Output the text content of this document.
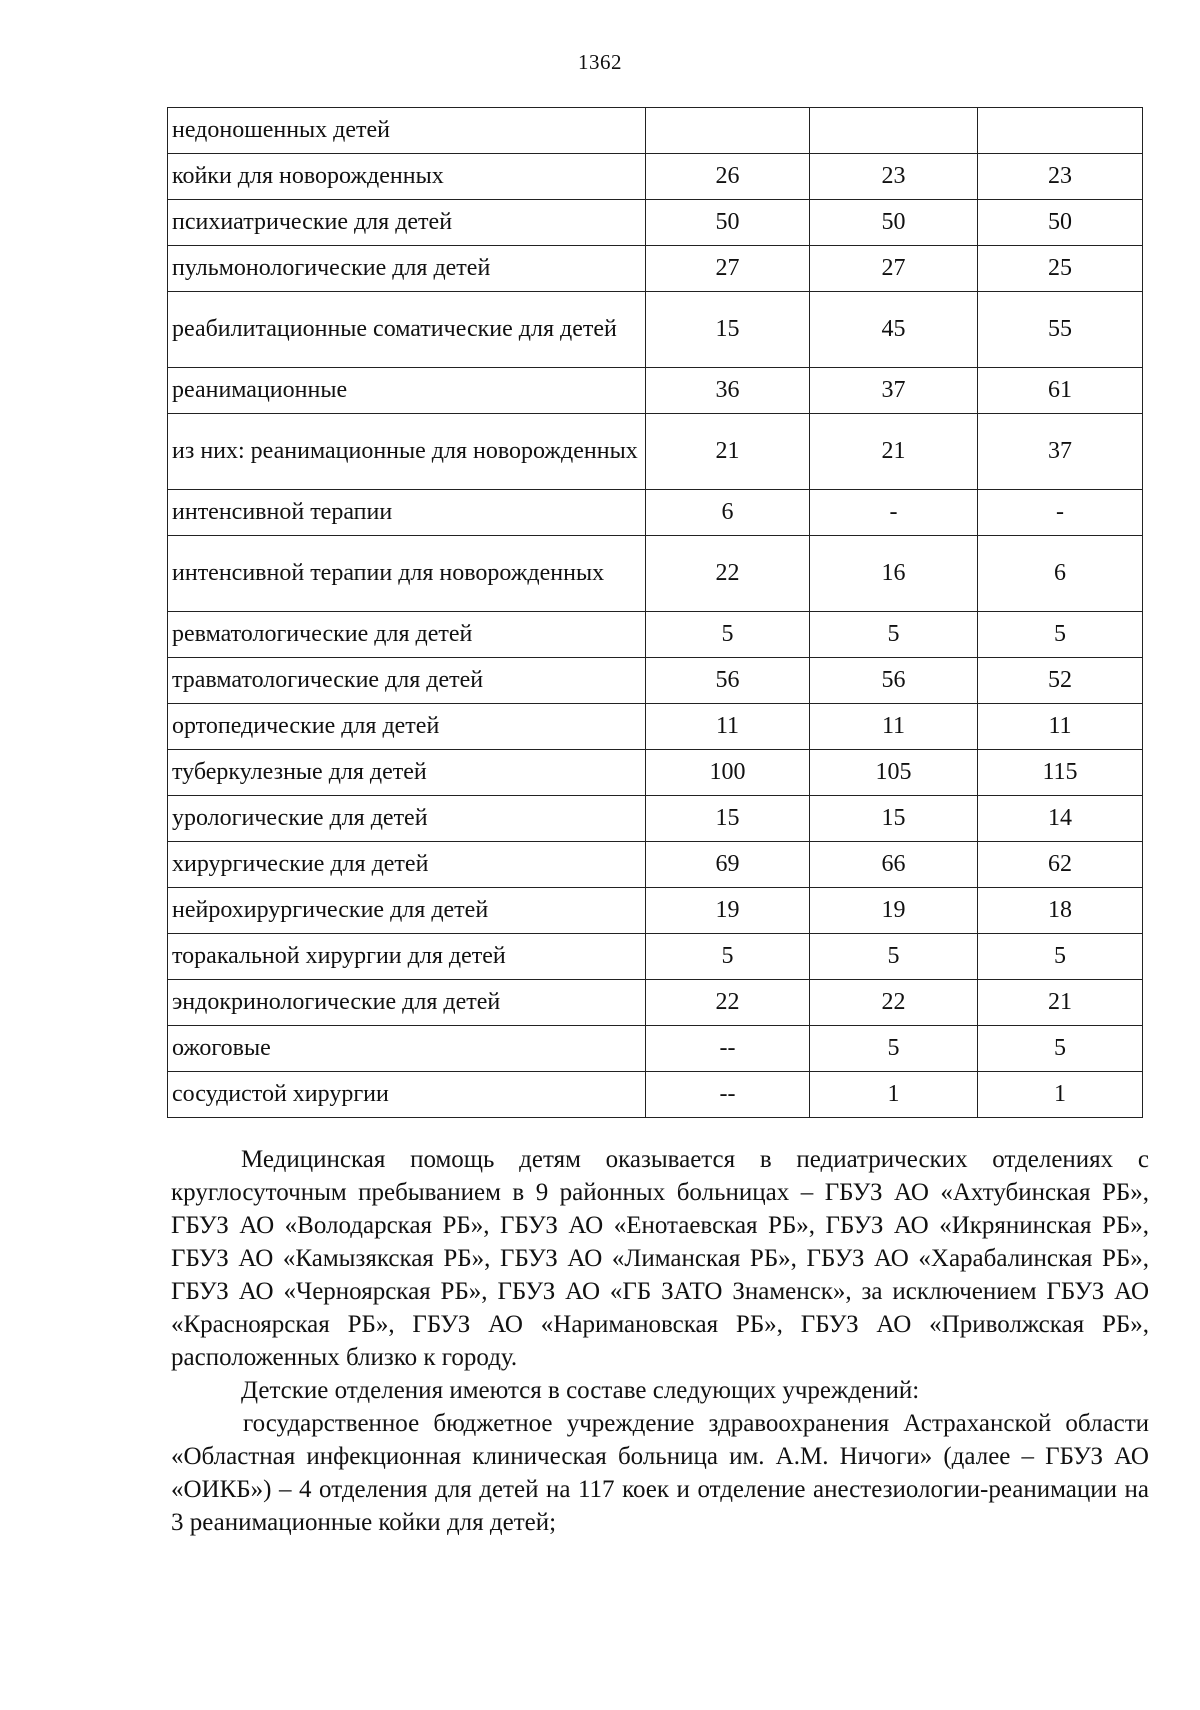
1362
недоношенных детей			
койки для новорожденных	26	23	23
психиатрические для детей	50	50	50
пульмонологические для детей	27	27	25
реабилитационные соматические для детей	15	45	55
реанимационные	36	37	61
из них: реанимационные для новорожденных	21	21	37
интенсивной терапии	6	-	-
интенсивной терапии для новорожденных	22	16	6
ревматологические для детей	5	5	5
травматологические для детей	56	56	52
ортопедические для детей	11	11	11
туберкулезные для детей	100	105	115
урологические для детей	15	15	14
хирургические для детей	69	66	62
нейрохирургические для детей	19	19	18
торакальной хирургии для детей	5	5	5
эндокринологические для детей	22	22	21
ожоговые	--	5	5
сосудистой хирургии	--	1	1

Медицинская помощь детям оказывается в педиатрических отделениях с круглосуточным пребыванием в 9 районных больницах – ГБУЗ АО «Ахтубинская РБ», ГБУЗ АО «Володарская РБ», ГБУЗ АО «Енотаевская РБ», ГБУЗ АО «Икрянинская РБ», ГБУЗ АО «Камызякская РБ», ГБУЗ АО «Лиманская РБ», ГБУЗ АО «Харабалинская РБ», ГБУЗ АО «Черноярская РБ», ГБУЗ АО «ГБ ЗАТО Знаменск», за исключением ГБУЗ АО «Красноярская РБ», ГБУЗ АО «Наримановская РБ», ГБУЗ АО «Приволжская РБ», расположенных близко к городу.

Детские отделения имеются в составе следующих учреждений:

государственное бюджетное учреждение здравоохранения Астраханской области «Областная инфекционная клиническая больница им. А.М. Ничоги» (далее – ГБУЗ АО «ОИКБ») – 4 отделения для детей на 117 коек и отделение анестезиологии-реанимации на 3 реанимационные койки для детей;
